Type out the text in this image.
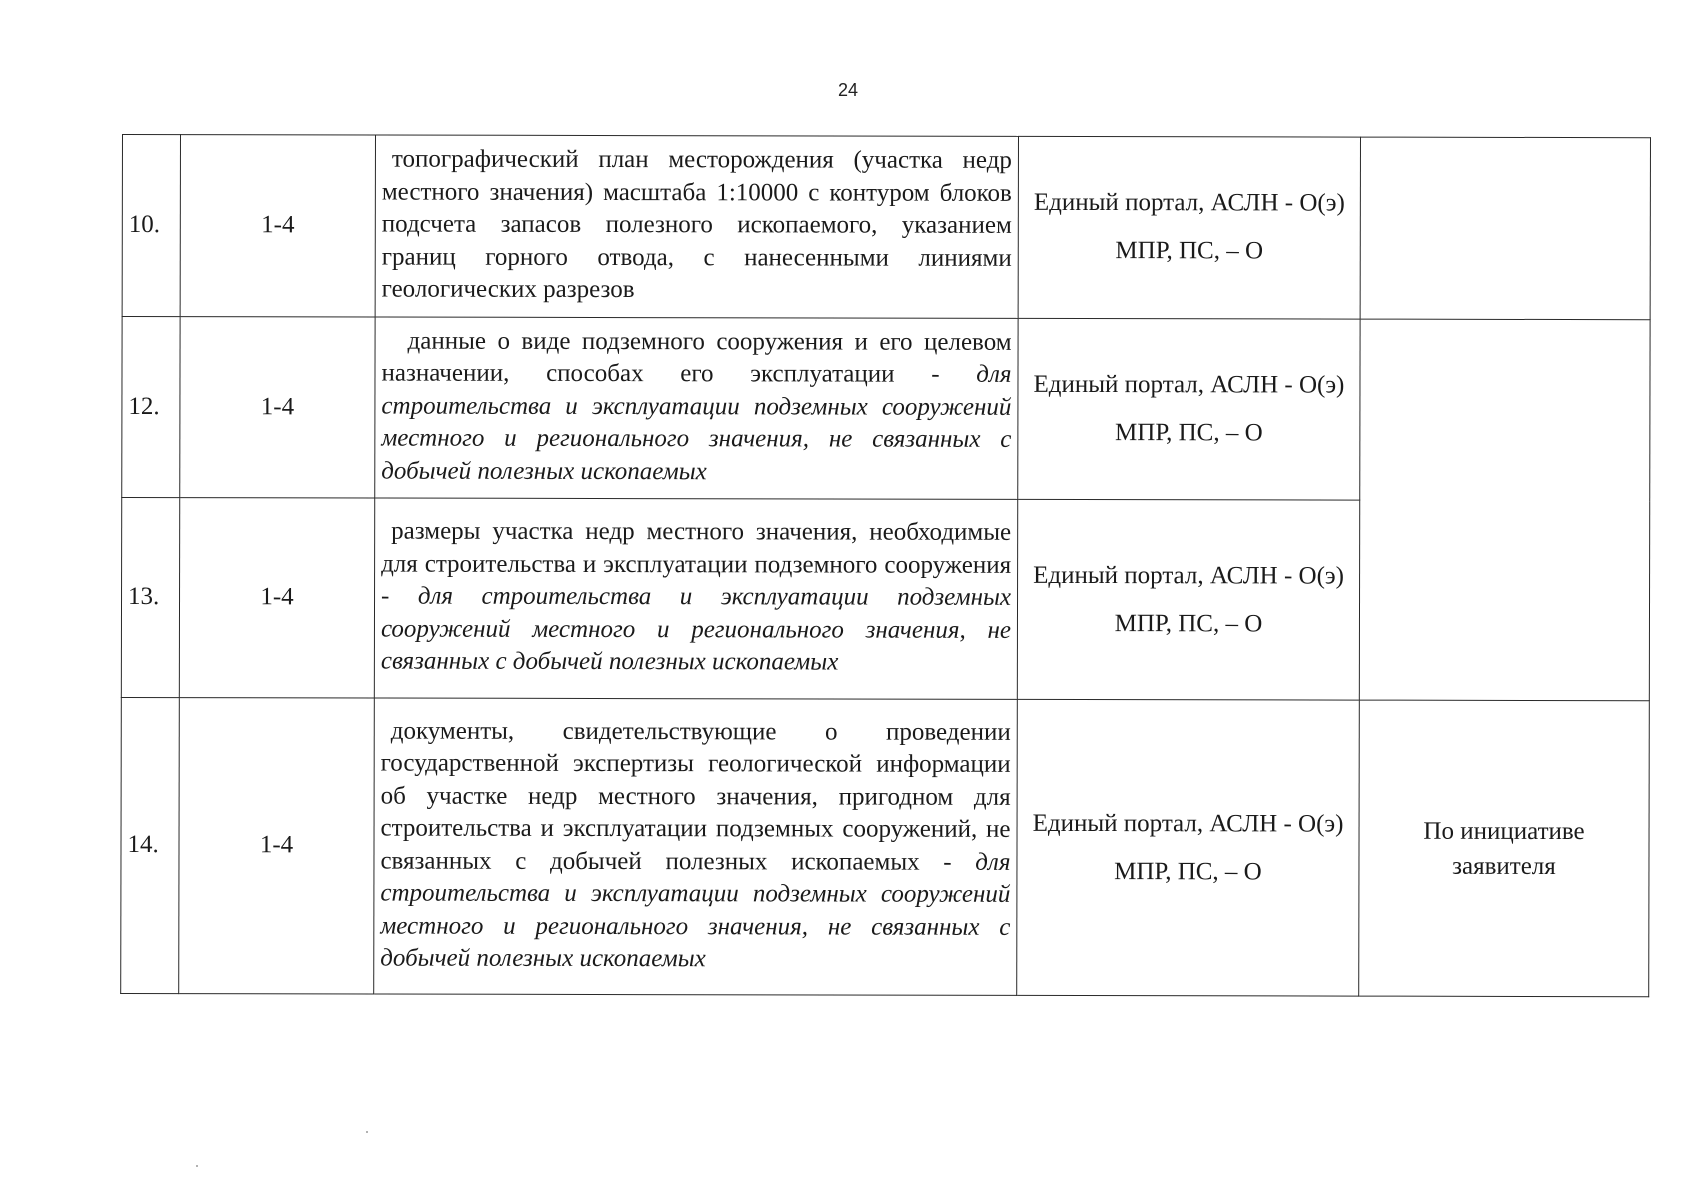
24
10.	1-4	топографический план месторождения (участка недр местного значения) масштаба 1:10000 с контуром блоков подсчета запасов полезного ископаемого, указанием границ горного отвода, с нанесенными линиями геологических разрезов	Единый портал, АСЛН - О(э)
МПР, ПС, – О	

12.	1-4	данные о виде подземного сооружения и его целевом назначении, способах его эксплуатации - для строительства и эксплуатации подземных сооружений местного и регионального значения, не связанных с добычей полезных ископаемых	Единый портал, АСЛН - О(э)
МПР, ПС, – О	

13.	1-4	размеры участка недр местного значения, необходимые для строительства и эксплуатации подземного сооружения - для строительства и эксплуатации подземных сооружений местного и регионального значения, не связанных с добычей полезных ископаемых	Единый портал, АСЛН - О(э)
МПР, ПС, – О	

14.	1-4	документы, свидетельствующие о проведении государственной экспертизы геологической информации об участке недр местного значения, пригодном для строительства и эксплуатации подземных сооружений, не связанных с добычей полезных ископаемых - для строительства и эксплуатации подземных сооружений местного и регионального значения, не связанных с добычей полезных ископаемых	Единый портал, АСЛН - О(э)
МПР, ПС, – О	По инициативе заявителя
